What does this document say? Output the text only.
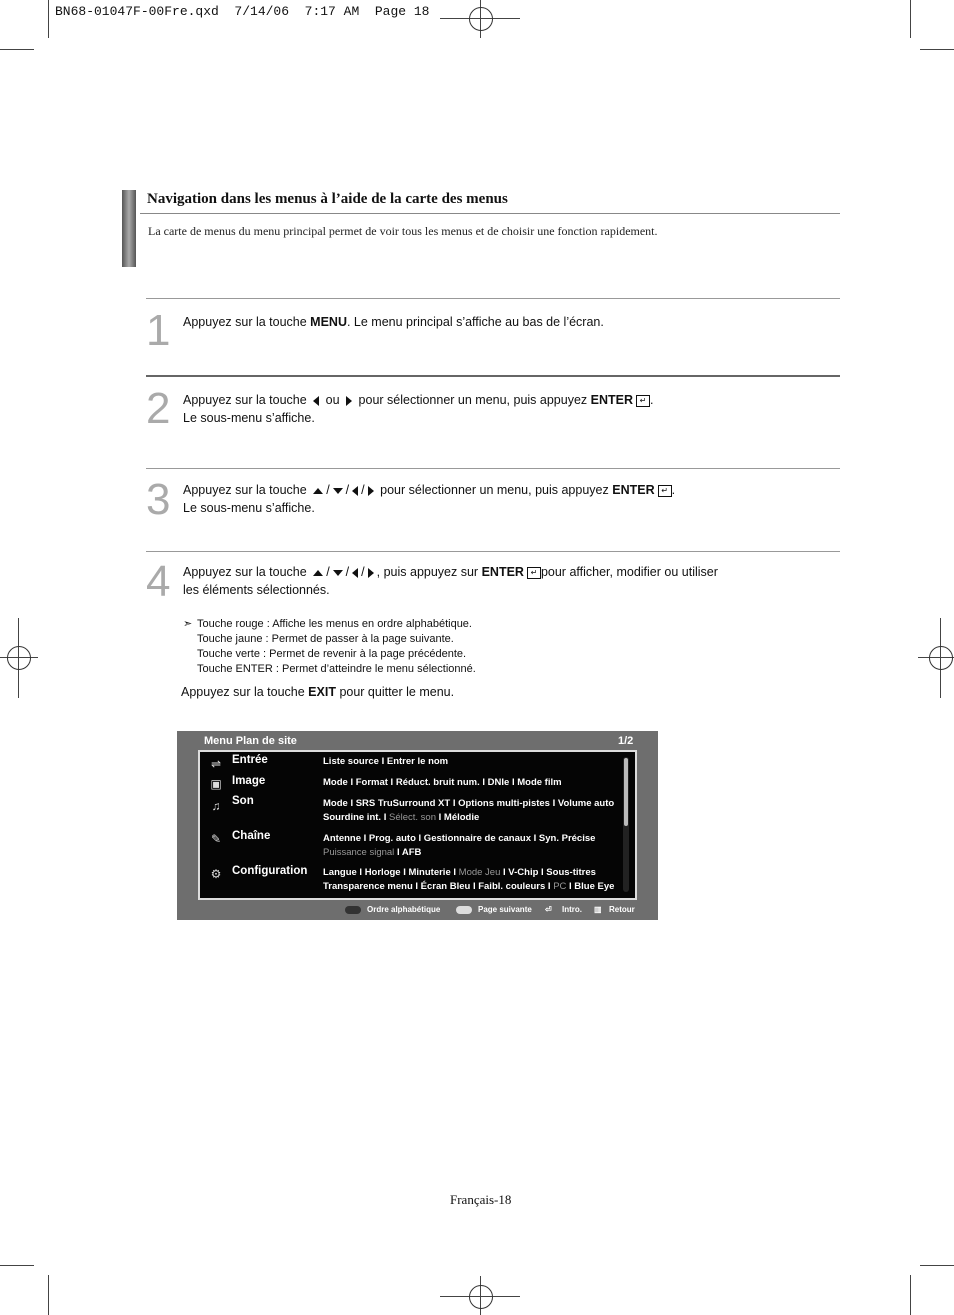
BN68-01047F-00Fre.qxd  7/14/06  7:17 AM  Page 18
Navigation dans les menus à l’aide de la carte des menus
La carte de menus du menu principal permet de voir tous les menus et de choisir une fonction rapidement.
1 Appuyez sur la touche MENU. Le menu principal s’affiche au bas de l’écran.
2 Appuyez sur la touche ou pour sélectionner un menu, puis appuyez ENTER ↵ .
Le sous-menu s’affiche.
3 Appuyez sur la touche / / / pour sélectionner un menu, puis appuyez ENTER ↵ .
Le sous-menu s’affiche.
4 Appuyez sur la touche / / / , puis appuyez sur ENTER ↵ pour afficher, modifier ou utiliser
les éléments sélectionnés.
➣ Touche rouge : Affiche les menus en ordre alphabétique.
Touche jaune : Permet de passer à la page suivante.
Touche verte : Permet de revenir à la page précédente.
Touche ENTER : Permet d’atteindre le menu sélectionné.
Appuyez sur la touche EXIT pour quitter le menu.
Menu Plan de site	1/2
⇌ Entrée	Liste source I Entrer le nom
▣ Image	Mode I Format I Réduct. bruit num. I DNIe I Mode film
♫	Son	Mode I SRS TruSurround XT I Options multi-pistes I Volume auto
Sourdine int. I Sélect. son I Mélodie
✎ Chaîne	Antenne I Prog. auto I Gestionnaire de canaux I Syn. Précise
Puissance signal I AFB
⚙ Configuration Langue I Horloge I Minuterie I Mode Jeu I V-Chip I Sous-titres
Transparence menu I Écran Bleu I Faibl. couleurs I PC I Blue Eye
Ordre alphabétique	Page suivante ⏎ Intro. ▥ Retour
Français-18
